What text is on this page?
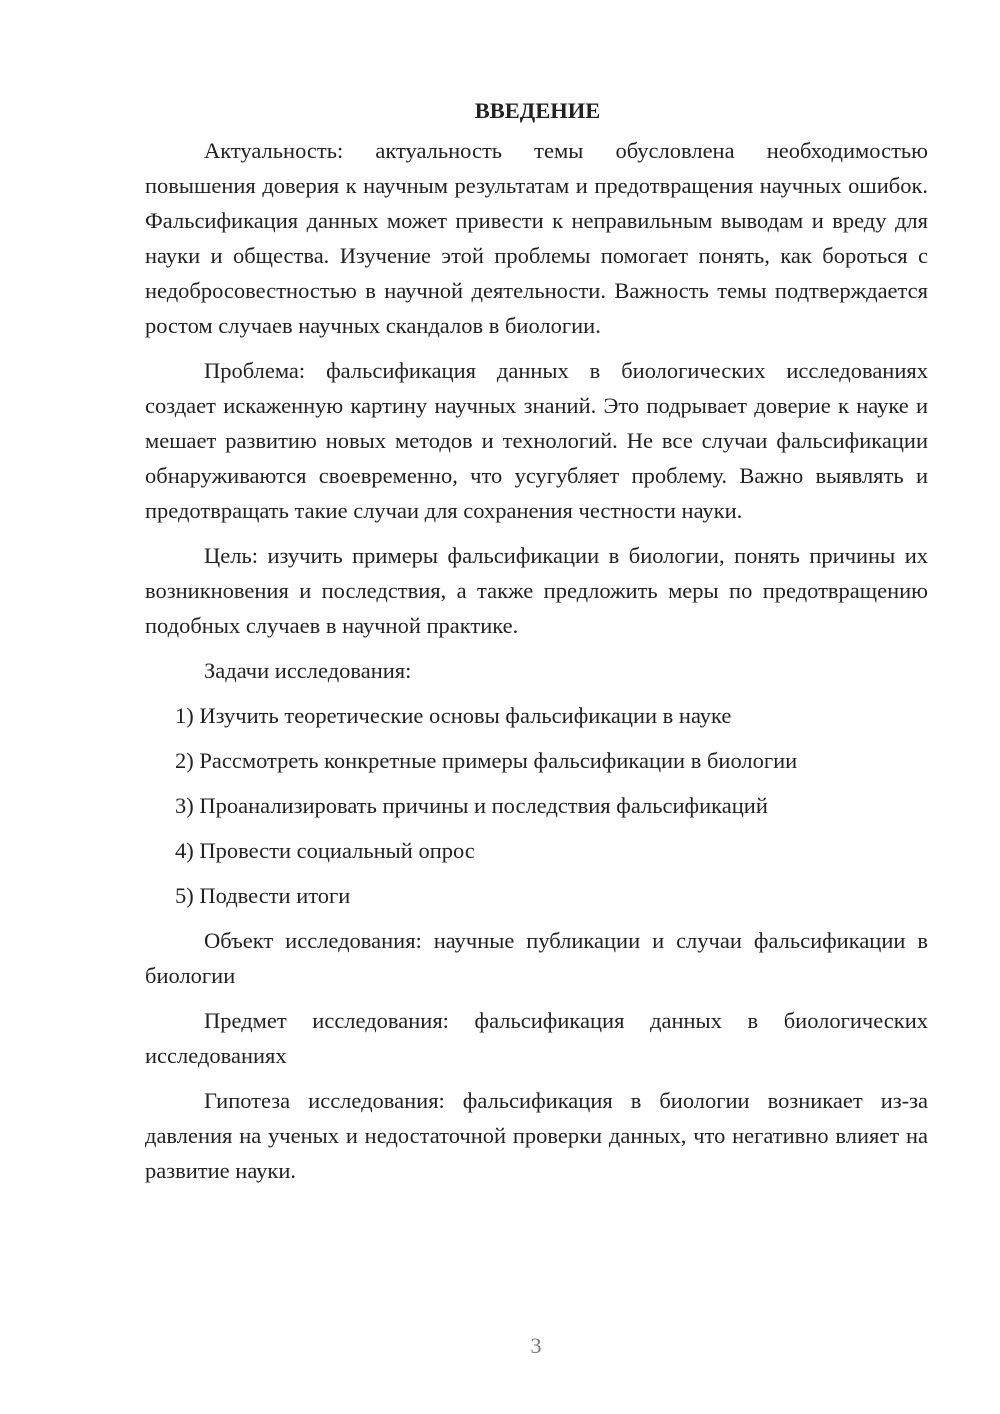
ВВЕДЕНИЕ

Актуальность: актуальность темы обусловлена необходимостью повышения доверия к научным результатам и предотвращения научных ошибок. Фальсификация данных может привести к неправильным выводам и вреду для науки и общества. Изучение этой проблемы помогает понять, как бороться с недобросовестностью в научной деятельности. Важность темы подтверждается ростом случаев научных скандалов в биологии.

Проблема: фальсификация данных в биологических исследованиях создает искаженную картину научных знаний. Это подрывает доверие к науке и мешает развитию новых методов и технологий. Не все случаи фальсификации обнаруживаются своевременно, что усугубляет проблему. Важно выявлять и предотвращать такие случаи для сохранения честности науки.

Цель: изучить примеры фальсификации в биологии, понять причины их возникновения и последствия, а также предложить меры по предотвращению подобных случаев в научной практике.

Задачи исследования:

1) Изучить теоретические основы фальсификации в науке
2) Рассмотреть конкретные примеры фальсификации в биологии
3) Проанализировать причины и последствия фальсификаций
4) Провести социальный опрос
5) Подвести итоги

Объект исследования: научные публикации и случаи фальсификации в биологии

Предмет исследования: фальсификация данных в биологических исследованиях

Гипотеза исследования: фальсификация в биологии возникает из-за давления на ученых и недостаточной проверки данных, что негативно влияет на развитие науки.

3
